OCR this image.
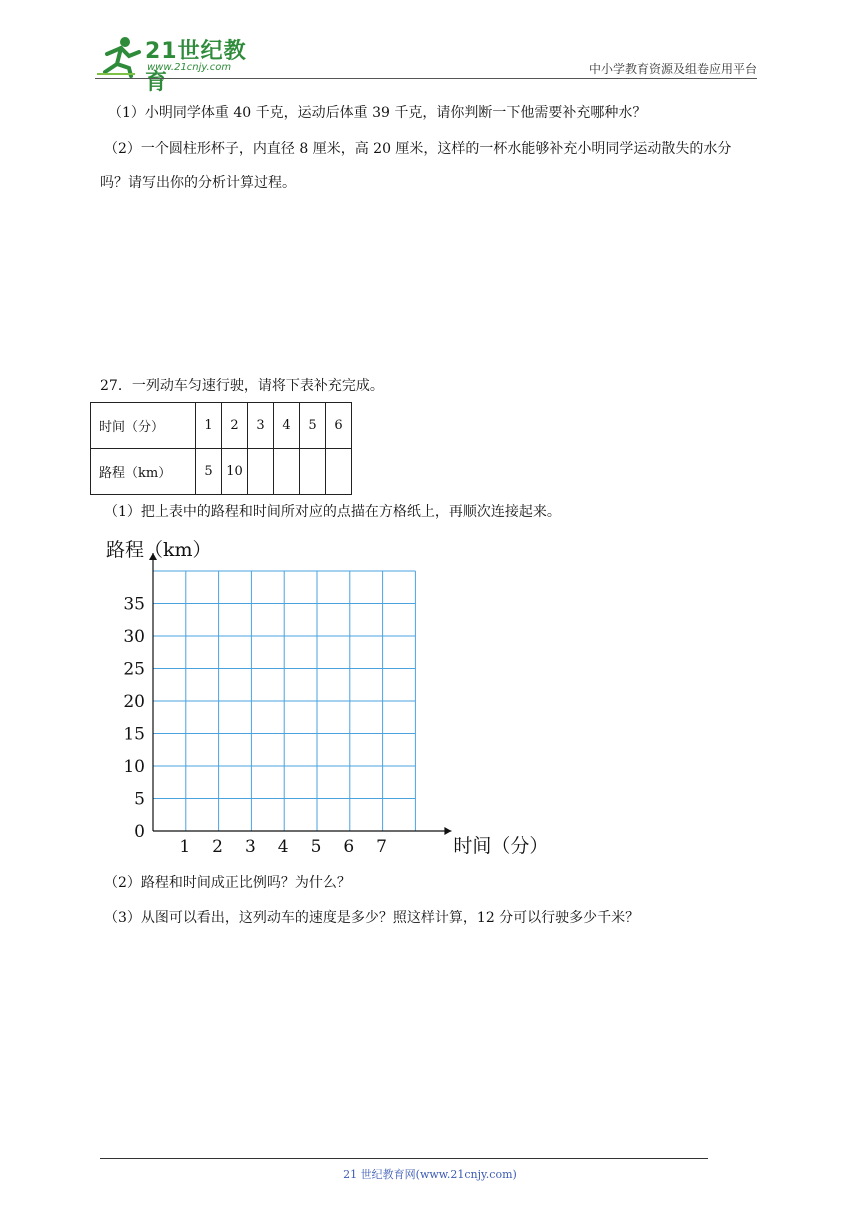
21世纪教育
www.21cnjy.com	中小学教育资源及组卷应用平台
（1）小明同学体重 40 千克，运动后体重 39 千克，请你判断一下他需要补充哪种水？
（2）一个圆柱形杯子，内直径 8 厘米，高 20 厘米，这样的一杯水能够补充小明同学运动散失的水分
吗？请写出你的分析计算过程。
27．一列动车匀速行驶，请将下表补充完成。
时间（分）	1	2	3	4	5	6
路程（km）	5	10				
（1）把上表中的路程和时间所对应的点描在方格纸上，再顺次连接起来。
1 2 3 4 5 6 7
0
5
10
15
20
25
30
35
路程（km）
时间（分）
（2）路程和时间成正比例吗？为什么？
（3）从图可以看出，这列动车的速度是多少？照这样计算，12 分可以行驶多少千米？
21 世纪教育网(www.21cnjy.com)
